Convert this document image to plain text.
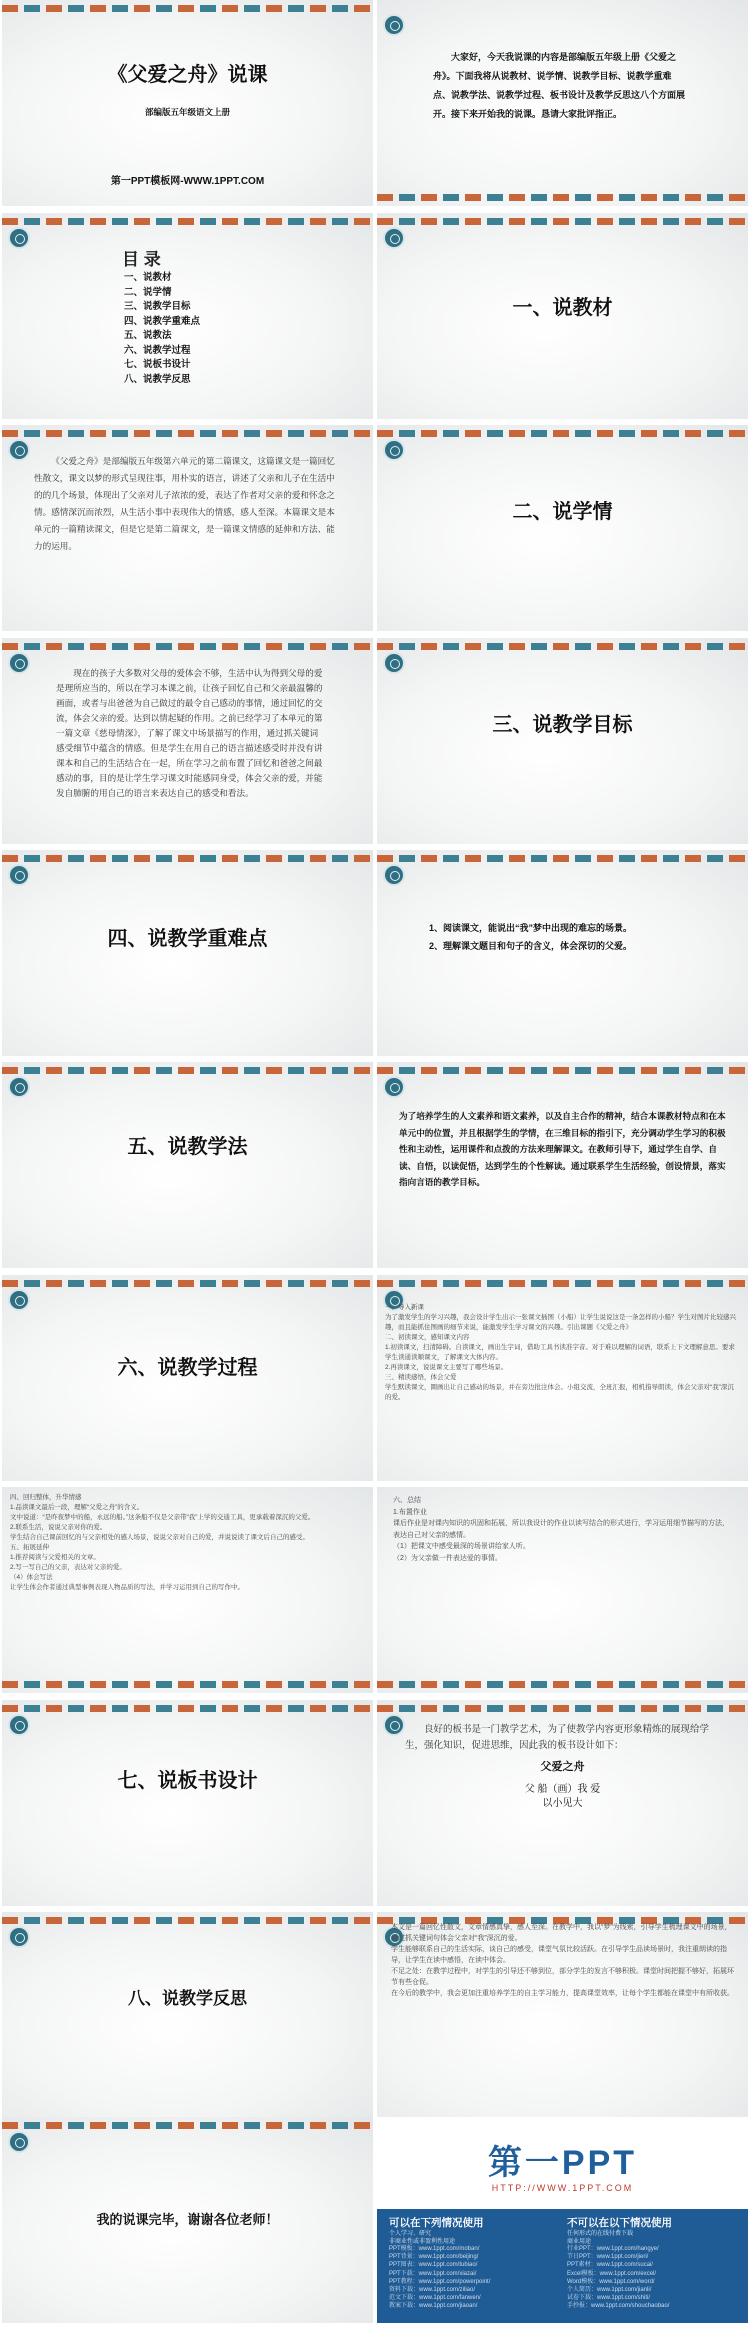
《父爱之舟》说课
部编版五年级语文上册
第一PPT模板网-WWW.1PPT.COM
大家好，今天我说课的内容是部编版五年级上册《父爱之舟》。下面我将从说教材、说学情、说教学目标、说教学重难点、说教学法、说教学过程、板书设计及教学反思这八个方面展开。接下来开始我的说课。恳请大家批评指正。
目 录
一、说教材
二、说学情
三、说教学目标
四、说教学重难点
五、说教法
六、说教学过程
七、说板书设计
八、说教学反思
一、说教材
《父爱之舟》是部编版五年级第六单元的第二篇课文，这篇课文是一篇回忆性散文，课文以梦的形式呈现往事，用朴实的语言，讲述了父亲和儿子在生活中的的几个场景，体现出了父亲对儿子浓浓的爱，表达了作者对父亲的爱和怀念之情。感情深沉而浓烈，从生活小事中表现伟大的情感，感人至深。本篇课文是本单元的一篇精读课文，但是它是第二篇课文，是一篇课文情感的延伸和方法、能力的运用。
二、说学情
现在的孩子大多数对父母的爱体会不够，生活中认为得到父母的爱是理所应当的，所以在学习本课之前，让孩子回忆自己和父亲最温馨的画面，或者与出爸爸为自己做过的最令自己感动的事情，通过回忆的交流，体会父亲的爱。达到以情起疑的作用。之前已经学习了本单元的第一篇文章《慈母情深》，了解了课文中场景描写的作用，通过抓关键词感受细节中蕴含的情感。但是学生在用自己的语言描述感受时并没有讲课本和自己的生活结合在一起，所在学习之前布置了回忆和爸爸之间最感动的事，目的是让学生学习课文时能感同身受，体会父亲的爱，并能发自肺腑的用自己的语言来表达自己的感受和看法。
三、说教学目标
四、说教学重难点	1、阅读课文，能说出“我”梦中出现的难忘的场景。
2、理解课文题目和句子的含义，体会深切的父爱。
五、说教学法
为了培养学生的人文素养和语文素养，以及自主合作的精神，结合本课教材特点和在本单元中的位置，并且根据学生的学情，在三维目标的指引下，充分调动学生学习的积极性和主动性，运用课件和点拨的方法来理解课文。在教师引导下，通过学生自学、自读、自悟，以读促悟，达到学生的个性解读。通过联系学生生活经验，创设情景，落实指向言语的教学目标。
六、说教学过程
一、导入新课
为了激发学生的学习兴趣，我会设计学生出示一张课文插图（小船）让学生说说这是一条怎样的小船？学生对图片比较感兴趣，而且能抓住图画的细节来说，能激发学生学习课文的兴趣。引出课题《父爱之舟》
二、初读课文，感知课文内容
1.初读课文，扫清障碍。自读课文，画出生字词，借助工具书读准字音。对于难以理解的词语，联系上下文理解意思。要求学生读通读顺课文，了解课文大体内容。
2.再读课文，说说课文主要写了哪些场景。
三、精读感悟，体会父爱
学生默读课文，圈画出让自己感动的场景，并在旁边批注体会。小组交流，全班汇报，相机指导朗读，体会父亲对“我”深沉的爱。
四、回归整体，升华情感
1.品读课文最后一段，理解“父爱之舟”的含义。
文中说道：“是昨夜梦中的船，永远的船。”这条船不仅是父亲带“我”上学的交通工具，更承载着深沉的父爱。
2.联系生活，说说父亲对你的爱。
学生结合自己课前回忆的与父亲相处的感人场景，说说父亲对自己的爱，并说说读了课文后自己的感受。
五、拓展延伸
1.推荐阅读与父爱相关的文章。
2.写一写自己的父亲，表达对父亲的爱。
（4）体会写法
让学生体会作者通过典型事例表现人物品质的写法，并学习运用到自己的写作中。
六、总结
1.布置作业
课后作业是对课内知识的巩固和拓展，所以我设计的作业以读写结合的形式进行，学习运用细节描写的方法，表达自己对父亲的感情。
（1）把课文中感受最深的场景讲给家人听。
（2）为父亲做一件表达爱的事情。
七、说板书设计
良好的板书是一门教学艺术，为了使教学内容更形象精炼的展现给学生，强化知识，促进思维，因此我的板书设计如下：
父爱之舟
父 船（画）我 爱
以小见大
八、说教学反思
本文是一篇回忆性散文，文章情感真挚，感人至深。在教学中，我以“梦”为线索，引导学生梳理课文中的场景，通过抓关键词句体会父亲对“我”深沉的爱。
学生能够联系自己的生活实际，谈自己的感受，课堂气氛比较活跃。在引导学生品读场景时，我注重朗读的指导，让学生在读中感悟，在读中体会。
不足之处：在教学过程中，对学生的引导还不够到位，部分学生的发言不够积极。课堂时间把握不够好，拓展环节有些仓促。
在今后的教学中，我会更加注重培养学生的自主学习能力，提高课堂效率，让每个学生都能在课堂中有所收获。
我的说课完毕，谢谢各位老师！
第一PPT
HTTP://WWW.1PPT.COM
可以在下列情况使用
个人学习、研究
非商业性或非盈利性用途
不可以在以下情况使用
任何形式的在线付费下载
商业用途
PPT模板：www.1ppt.com/moban/
PPT背景：www.1ppt.com/beijing/
PPT图表：www.1ppt.com/tubiao/
PPT下载：www.1ppt.com/xiazai/
PPT教程：www.1ppt.com/powerpoint/
资料下载：www.1ppt.com/ziliao/
范文下载：www.1ppt.com/fanwen/
教案下载：www.1ppt.com/jiaoan/
行业PPT：www.1ppt.com/hangye/
节日PPT：www.1ppt.com/jieri/
PPT素材：www.1ppt.com/sucai/
Excel模板：www.1ppt.com/excel/
Word模板：www.1ppt.com/word/
个人简历：www.1ppt.com/jianli/
试卷下载：www.1ppt.com/shiti/
手抄报：www.1ppt.com/shouchaobao/
